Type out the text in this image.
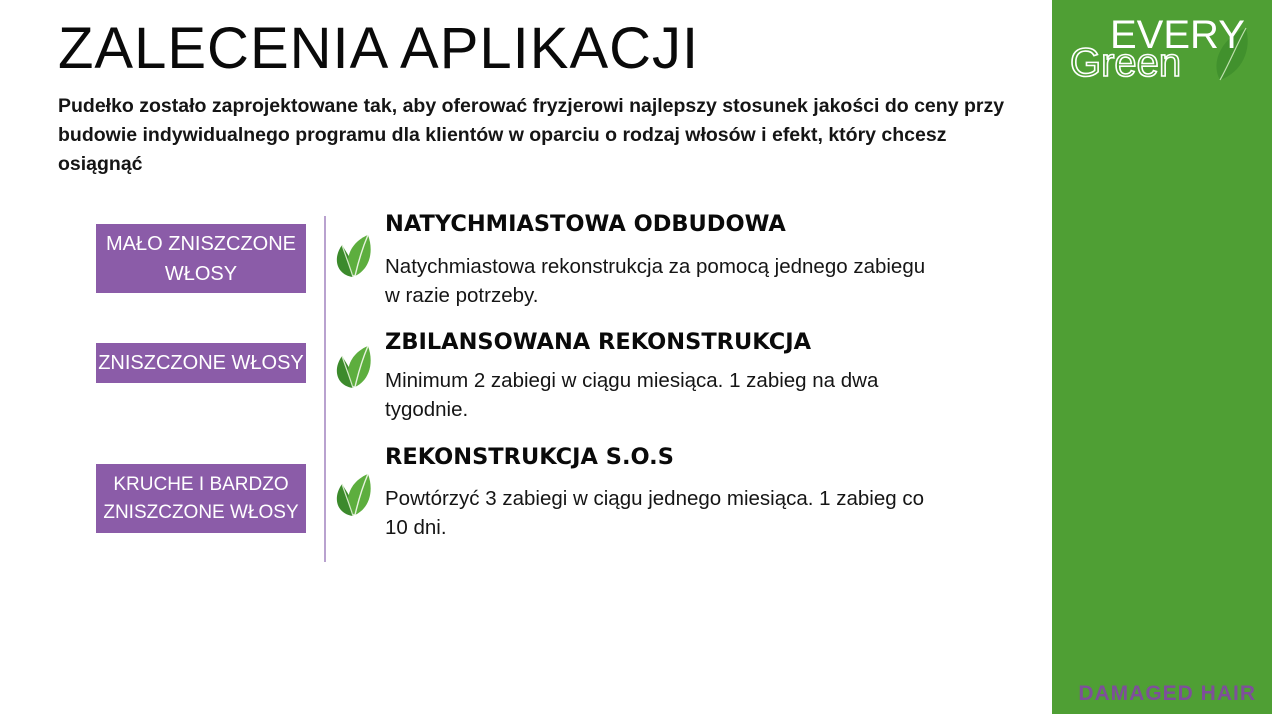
ZALECENIA APLIKACJI

Pudełko zostało zaprojektowane tak, aby oferować fryzjerowi najlepszy stosunek jakości do ceny przy budowie indywidualnego programu dla klientów w oparciu o rodzaj włosów i efekt, który chcesz osiągnąć

MAŁO ZNISZCZONE WŁOSY
ZNISZCZONE WŁOSY
KRUCHE I BARDZO ZNISZCZONE WŁOSY
NATYCHMIASTOWA ODBUDOWA

Natychmiastowa rekonstrukcja za pomocą jednego zabiegu w razie potrzeby.

ZBILANSOWANA REKONSTRUKCJA

Minimum 2 zabiegi w ciągu miesiąca. 1 zabieg na dwa tygodnie.

REKONSTRUKCJA S.O.S

Powtórzyć 3 zabiegi w ciągu jednego miesiąca. 1 zabieg co 10 dni.

EVERY
Green

DAMAGED HAIR
